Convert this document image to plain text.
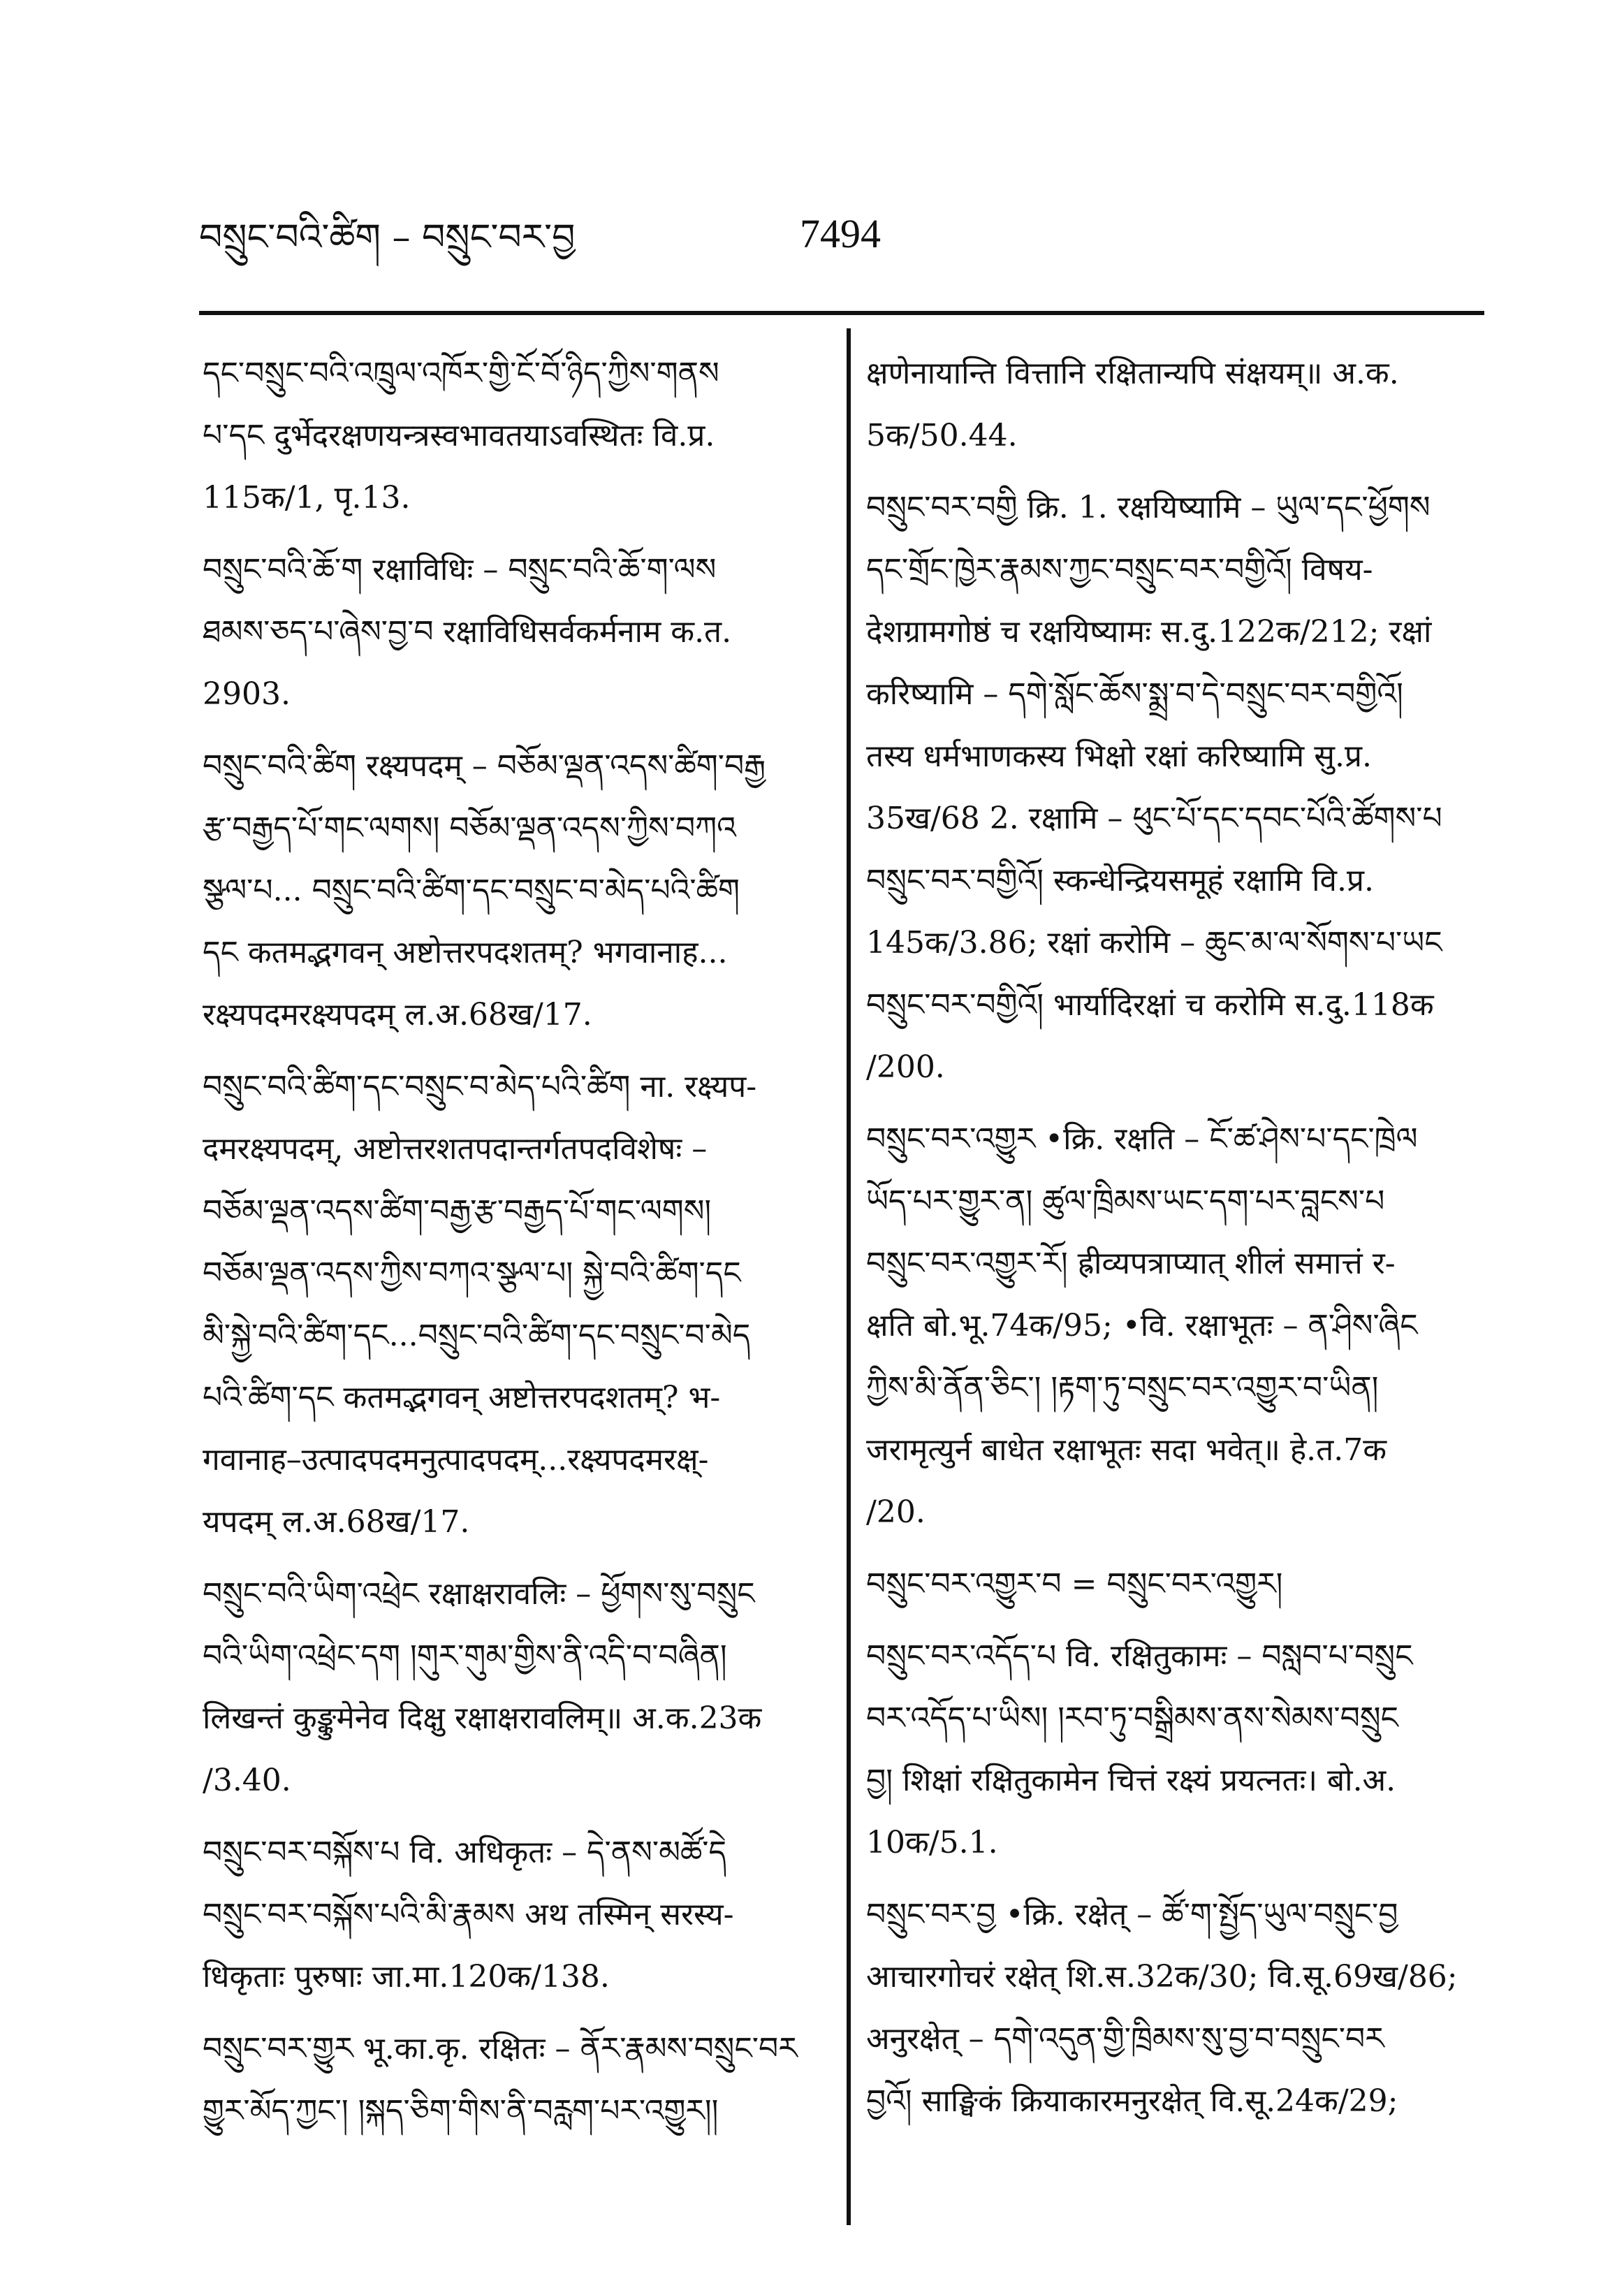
བསྲུང་བའི་ཚིག – བསྲུང་བར་བྱ	7494

དང་བསྲུང་བའི་འཁྲུལ་འཁོར་གྱི་ངོ་བོ་ཉིད་ཀྱིས་གནས

པ་དང दुर्भेदरक्षणयन्त्रस्वभावतयाऽवस्थितः वि.प्र.

115क/1, पृ.13.

བསྲུང་བའི་ཆོ་ག रक्षाविधिः – བསྲུང་བའི་ཆོ་ག་ལས

ཐམས་ཅད་པ་ཞེས་བྱ་བ रक्षाविधिसर्वकर्मनाम क.त.

2903.

བསྲུང་བའི་ཚིག रक्ष्यपदम् – བཅོམ་ལྡན་འདས་ཚིག་བརྒྱ

རྩ་བརྒྱད་པོ་གང་ལགས། བཅོམ་ལྡན་འདས་ཀྱིས་བཀའ

སྩལ་པ... བསྲུང་བའི་ཚིག་དང་བསྲུང་བ་མེད་པའི་ཚིག

དང कतमद्भगवन् अष्टोत्तरपदशतम्? भगवानाह...

रक्ष्यपदमरक्ष्यपदम् ल.अ.68ख/17.

བསྲུང་བའི་ཚིག་དང་བསྲུང་བ་མེད་པའི་ཚིག ना. रक्ष्यप-

दमरक्ष्यपदम्, अष्टोत्तरशतपदान्तर्गतपदविशेषः –

བཅོམ་ལྡན་འདས་ཚིག་བརྒྱ་རྩ་བརྒྱད་པོ་གང་ལགས།

བཅོམ་ལྡན་འདས་ཀྱིས་བཀའ་སྩལ་པ། སྐྱེ་བའི་ཚིག་དང

མི་སྐྱེ་བའི་ཚིག་དང...བསྲུང་བའི་ཚིག་དང་བསྲུང་བ་མེད

པའི་ཚིག་དང कतमद्भगवन् अष्टोत्तरपदशतम्? भ-

गवानाह–उत्पादपदमनुत्पादपदम्...रक्ष्यपदमरक्ष्-

यपदम् ल.अ.68ख/17.

བསྲུང་བའི་ཡིག་འཕྲེང रक्षाक्षरावलिः – ཕྱོགས་སུ་བསྲུང

བའི་ཡིག་འཕྲེང་དག །གུར་གུམ་གྱིས་ནི་འདི་བ་བཞིན།

लिखन्तं कुङ्कुमेनेव दिक्षु रक्षाक्षरावलिम्॥ अ.क.23क

/3.40.

བསྲུང་བར་བསྐོས་པ वि. अधिकृतः – དེ་ནས་མཚོ་དེ

བསྲུང་བར་བསྐོས་པའི་མི་རྣམས अथ तस्मिन् सरस्य-

धिकृताः पुरुषाः जा.मा.120क/138.

བསྲུང་བར་གྱུར भू.का.कृ. रक्षितः – ནོར་རྣམས་བསྲུང་བར

གྱུར་མོད་ཀྱང་། །སྐད་ཅིག་གིས་ནི་བརླག་པར་འགྱུར།།

क्षणेनायान्ति वित्तानि रक्षितान्यपि संक्षयम्॥ अ.क.

5क/50.44.

བསྲུང་བར་བགྱི क्रि. 1. रक्षयिष्यामि – ཡུལ་དང་ཕྱོགས

དང་གྲོང་ཁྱེར་རྣམས་ཀྱང་བསྲུང་བར་བགྱིའོ། विषय-

देशग्रामगोष्ठं च रक्षयिष्यामः स.दु.122क/212; रक्षां

करिष्यामि – དགེ་སློང་ཆོས་སྨྲ་བ་དེ་བསྲུང་བར་བགྱིའོ།

तस्य धर्मभाणकस्य भिक्षो रक्षां करिष्यामि सु.प्र.

35ख/68 2. रक्षामि – ཕུང་པོ་དང་དབང་པོའི་ཚོགས་པ

བསྲུང་བར་བགྱིའོ། स्कन्धेन्द्रियसमूहं रक्षामि वि.प्र.

145क/3.86; रक्षां करोमि – ཆུང་མ་ལ་སོགས་པ་ཡང

བསྲུང་བར་བགྱིའོ། भार्यादिरक्षां च करोमि स.दु.118क

/200.

བསྲུང་བར་འགྱུར •क्रि. रक्षति – ངོ་ཚ་ཤེས་པ་དང་ཁྲེལ

ཡོད་པར་གྱུར་ན། ཚུལ་ཁྲིམས་ཡང་དག་པར་བླངས་པ

བསྲུང་བར་འགྱུར་རོ། ह्रीव्यपत्राप्यात् शीलं समात्तं र-

क्षति बो.भू.74क/95; •वि. रक्षाभूतः – ན་ཤིས་ཞིང

ཀྱིས་མི་ནོན་ཅིང་། །རྟག་ཏུ་བསྲུང་བར་འགྱུར་བ་ཡིན།

जरामृत्युर्न बाधेत रक्षाभूतः सदा भवेत्॥ हे.त.7क

/20.

བསྲུང་བར་འགྱུར་བ = བསྲུང་བར་འགྱུར།

བསྲུང་བར་འདོད་པ वि. रक्षितुकामः – བསླབ་པ་བསྲུང

བར་འདོད་པ་ཡིས། །རབ་ཏུ་བསྒྲིམས་ནས་སེམས་བསྲུང

བྱ། शिक्षां रक्षितुकामेन चित्तं रक्ष्यं प्रयत्नतः। बो.अ.

10क/5.1.

བསྲུང་བར་བྱ •क्रि. रक्षेत् – ཚོ་ག་སྤྱོད་ཡུལ་བསྲུང་བྱ

आचारगोचरं रक्षेत् शि.स.32क/30; वि.सू.69ख/86;

अनुरक्षेत् – དགེ་འདུན་གྱི་ཁྲིམས་སུ་བྱ་བ་བསྲུང་བར

བྱའོ། साङ्घिकं क्रियाकारमनुरक्षेत् वि.सू.24क/29;
